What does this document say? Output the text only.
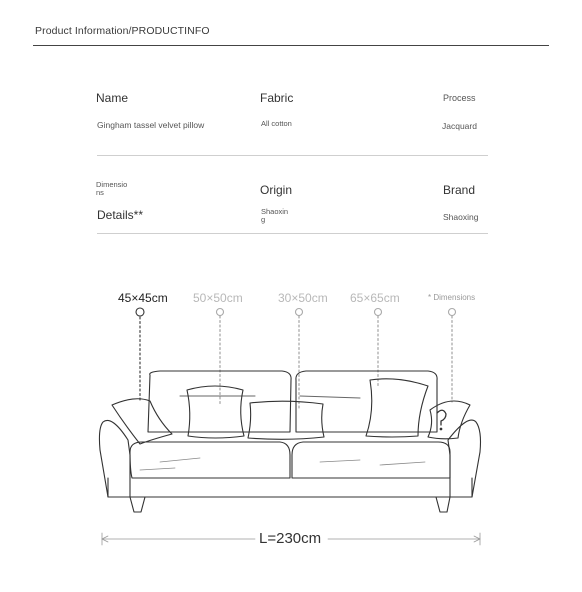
Product Information/PRODUCTINFO
Name
Gingham tassel velvet pillow
Fabric
All cotton
Process
Jacquard
Dimensions
Details**
Origin
Shaoxing
Brand
Shaoxing
45×45cm 50×50cm	30×50cm 65×65cm	* Dimensions
L=230cm
